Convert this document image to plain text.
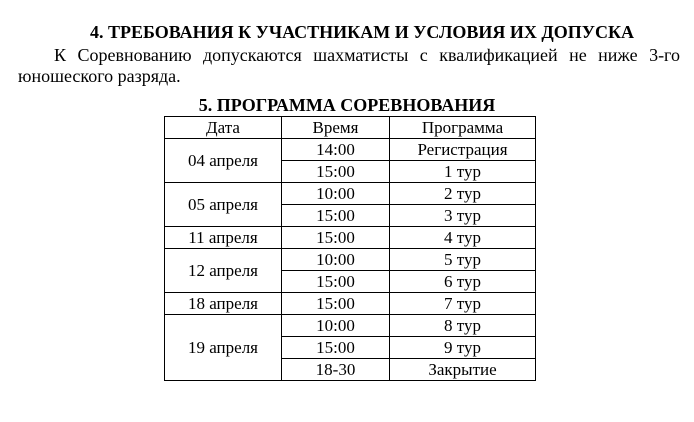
4. ТРЕБОВАНИЯ К УЧАСТНИКАМ И УСЛОВИЯ ИХ ДОПУСКА
К Соревнованию допускаются шахматисты с квалификацией не ниже 3-го юношеского разряда.
5. ПРОГРАММА СОРЕВНОВАНИЯ
Дата	Время	Программа
04 апреля	14:00	Регистрация
	15:00	1 тур
05 апреля	10:00	2 тур
	15:00	3 тур
11 апреля	15:00	4 тур
12 апреля	10:00	5 тур
	15:00	6 тур
18 апреля	15:00	7 тур
19 апреля	10:00	8 тур
	15:00	9 тур
	18-30	Закрытие
